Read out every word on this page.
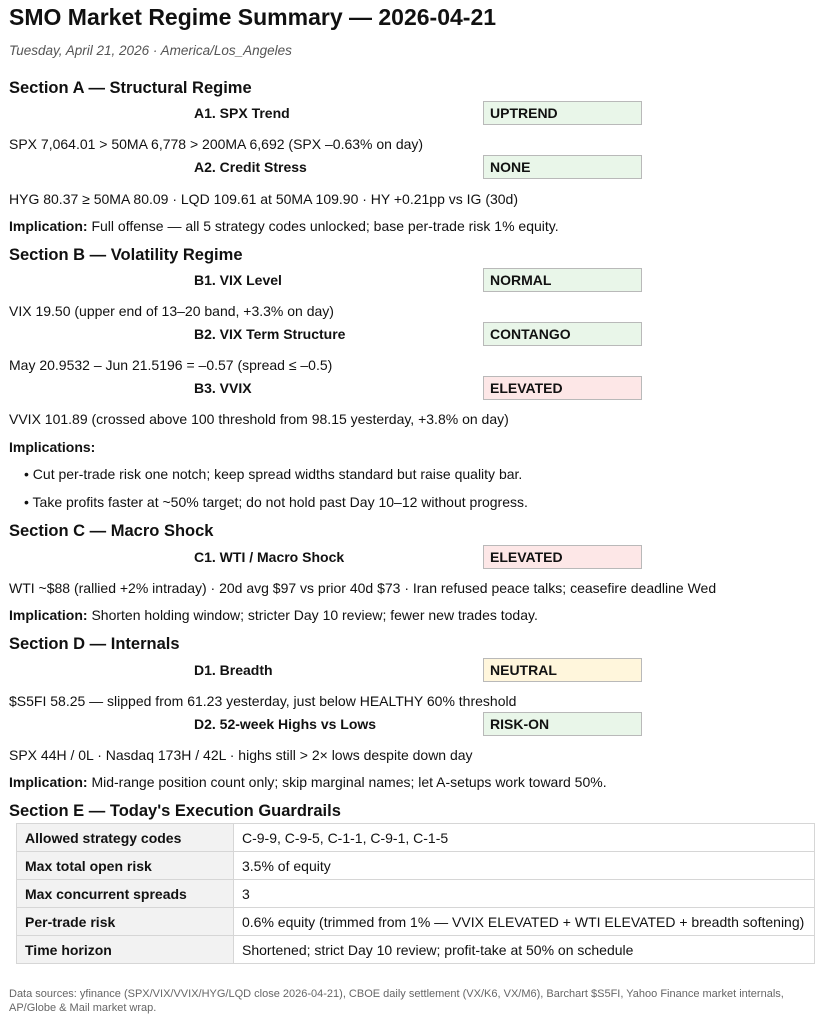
SMO Market Regime Summary — 2026-04-21
Tuesday, April 21, 2026 · America/Los_Angeles
Section A — Structural Regime
A1. SPX Trend	UPTREND
SPX 7,064.01 > 50MA 6,778 > 200MA 6,692 (SPX –0.63% on day)
A2. Credit Stress	NONE
HYG 80.37 ≥ 50MA 80.09 · LQD 109.61 at 50MA 109.90 · HY +0.21pp vs IG (30d)
Implication: Full offense — all 5 strategy codes unlocked; base per-trade risk 1% equity.
Section B — Volatility Regime
B1. VIX Level	NORMAL
VIX 19.50 (upper end of 13–20 band, +3.3% on day)
B2. VIX Term Structure	CONTANGO
May 20.9532 – Jun 21.5196 = –0.57 (spread ≤ –0.5)
B3. VVIX	ELEVATED
VVIX 101.89 (crossed above 100 threshold from 98.15 yesterday, +3.8% on day)
Implications:
• Cut per-trade risk one notch; keep spread widths standard but raise quality bar.
• Take profits faster at ~50% target; do not hold past Day 10–12 without progress.
Section C — Macro Shock
C1. WTI / Macro Shock	ELEVATED
WTI ~$88 (rallied +2% intraday) · 20d avg $97 vs prior 40d $73 · Iran refused peace talks; ceasefire deadline Wed
Implication: Shorten holding window; stricter Day 10 review; fewer new trades today.
Section D — Internals
D1. Breadth	NEUTRAL
$S5FI 58.25 — slipped from 61.23 yesterday, just below HEALTHY 60% threshold
D2. 52-week Highs vs Lows	RISK-ON
SPX 44H / 0L · Nasdaq 173H / 42L · highs still > 2× lows despite down day
Implication: Mid-range position count only; skip marginal names; let A-setups work toward 50%.
Section E — Today's Execution Guardrails
Allowed strategy codes	C-9-9, C-9-5, C-1-1, C-9-1, C-1-5
Max total open risk	3.5% of equity
Max concurrent spreads	3
Per-trade risk	0.6% equity (trimmed from 1% — VVIX ELEVATED + WTI ELEVATED + breadth softening)
Time horizon	Shortened; strict Day 10 review; profit-take at 50% on schedule
Data sources: yfinance (SPX/VIX/VVIX/HYG/LQD close 2026-04-21), CBOE daily settlement (VX/K6, VX/M6), Barchart $S5FI, Yahoo Finance market internals, AP/Globe & Mail market wrap.
